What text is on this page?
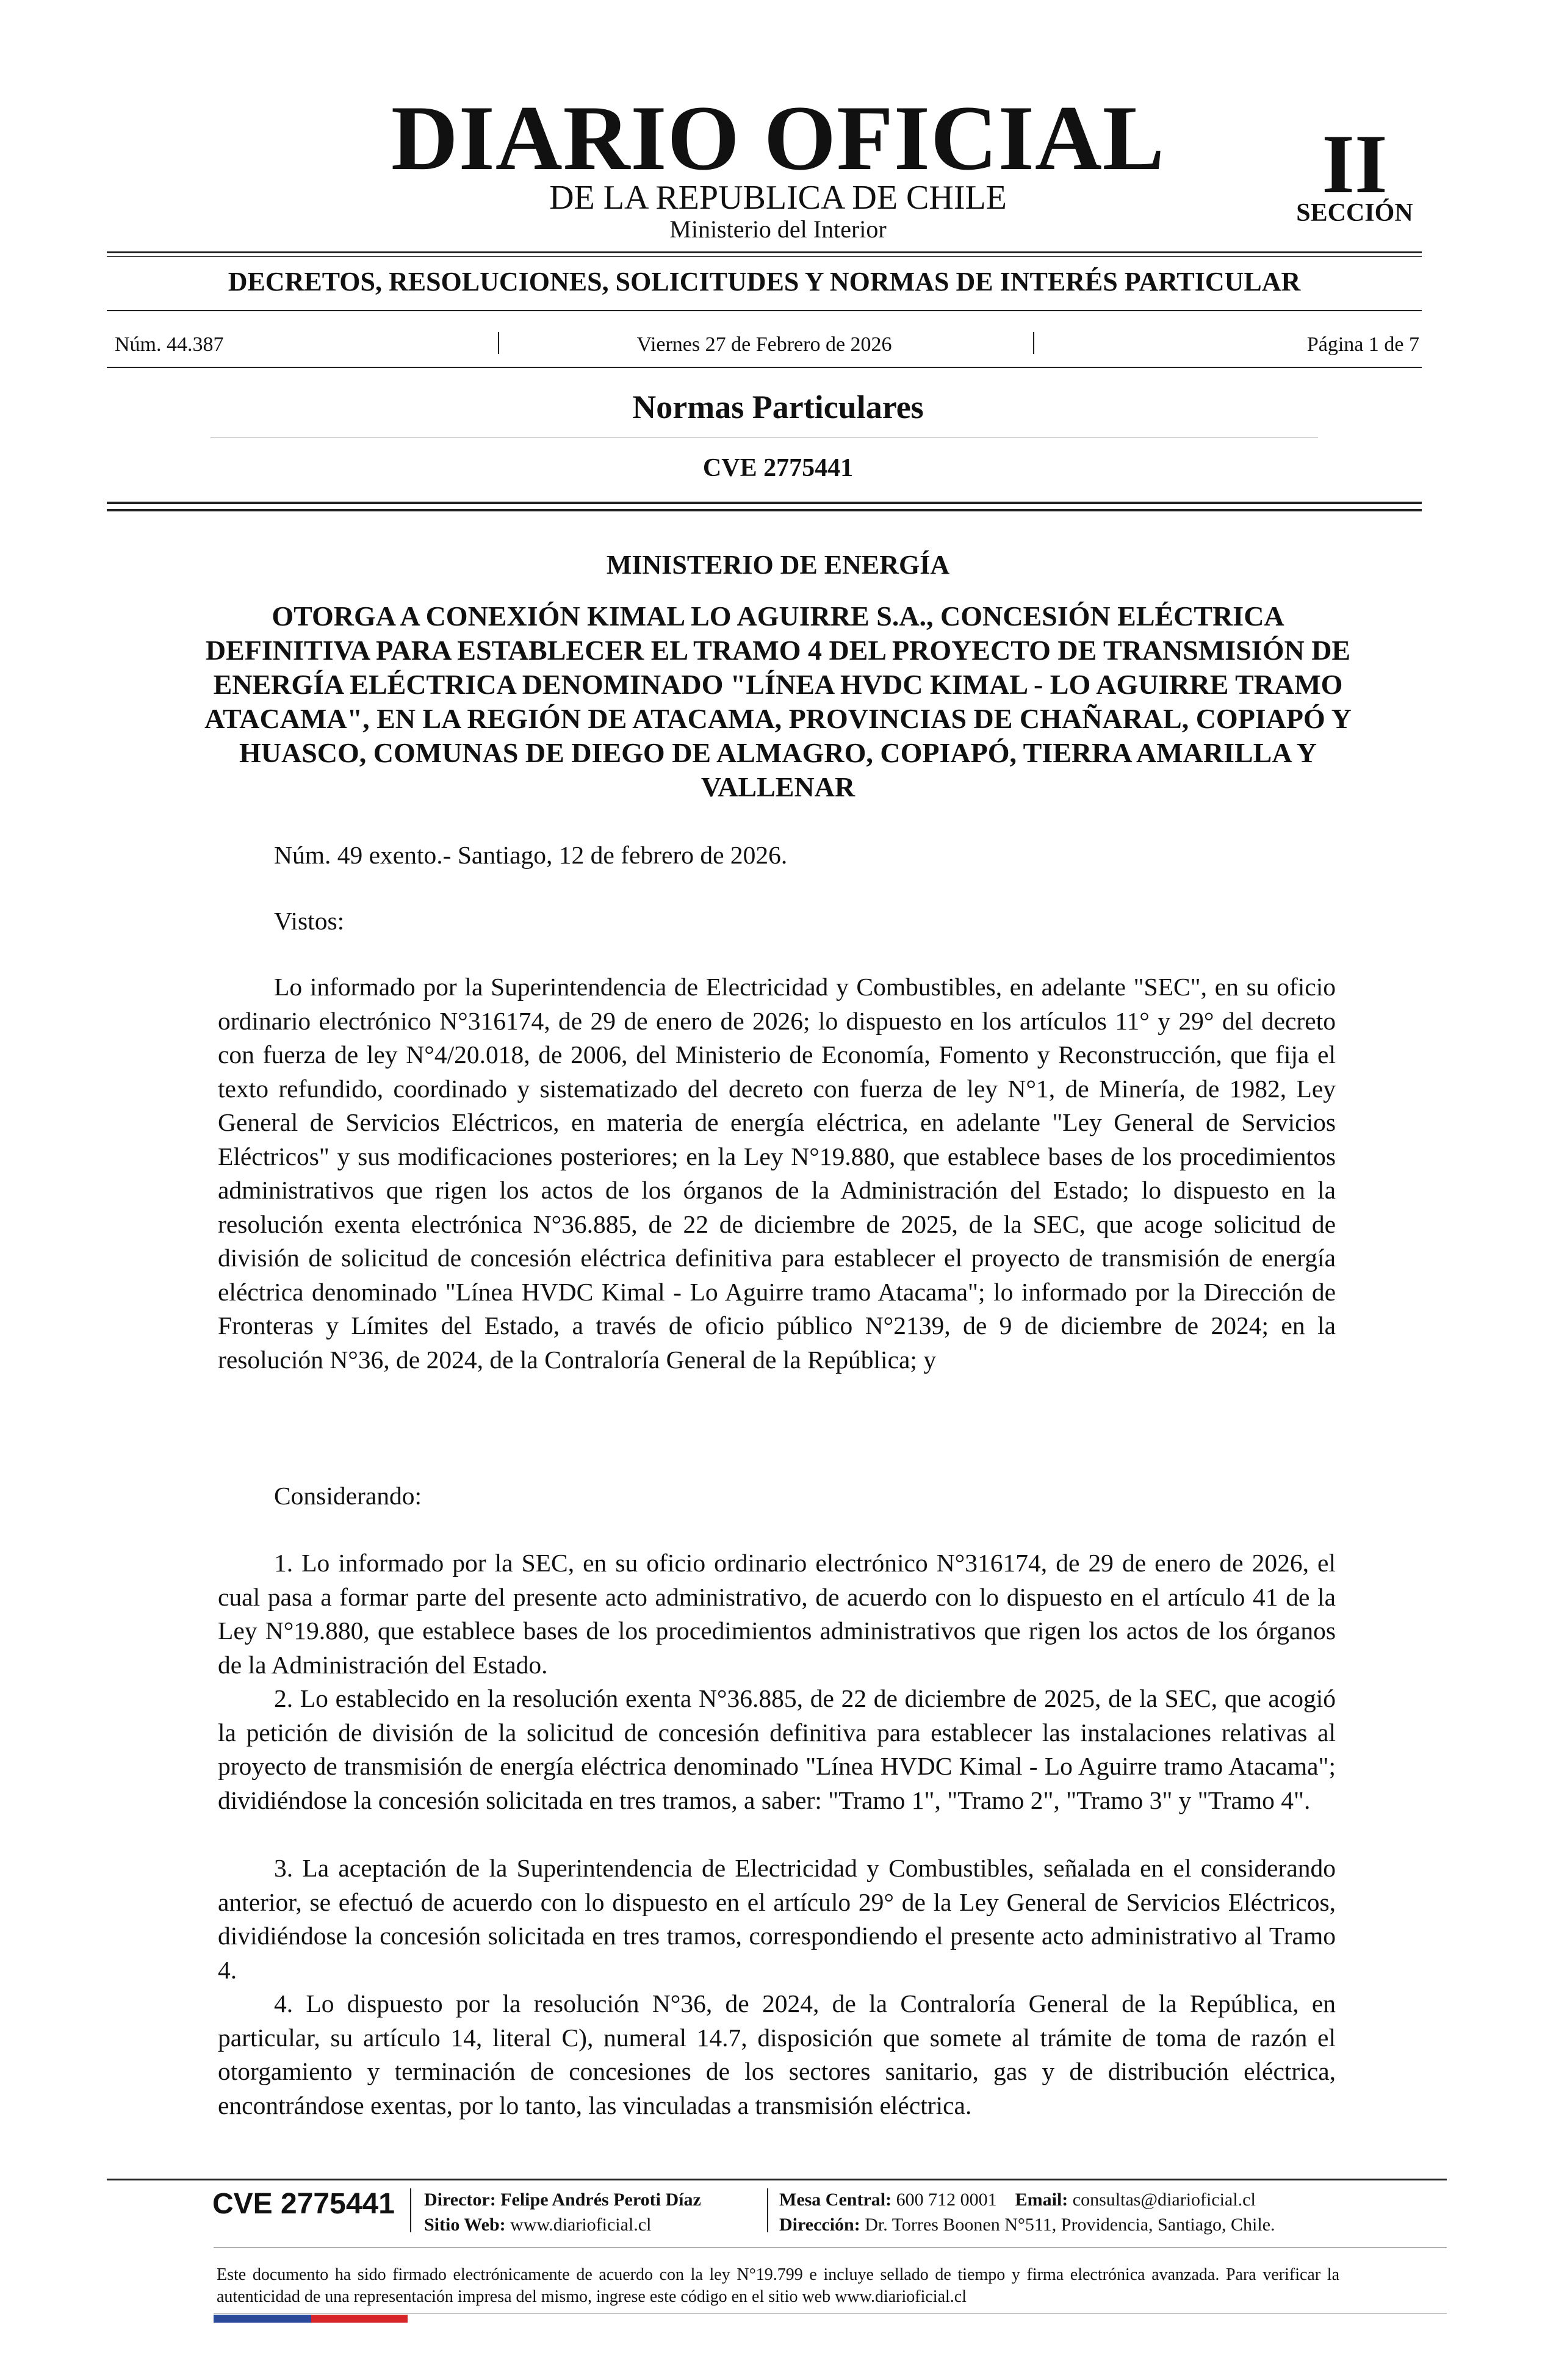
DIARIO OFICIAL
DE LA REPUBLICA DE CHILE
Ministerio del Interior
II
SECCIÓN
DECRETOS, RESOLUCIONES, SOLICITUDES Y NORMAS DE INTERÉS PARTICULAR
Núm. 44.387	Viernes 27 de Febrero de 2026	Página 1 de 7
Normas Particulares
CVE 2775441
MINISTERIO DE ENERGÍA
OTORGA A CONEXIÓN KIMAL LO AGUIRRE S.A., CONCESIÓN ELÉCTRICA DEFINITIVA PARA ESTABLECER EL TRAMO 4 DEL PROYECTO DE TRANSMISIÓN DE ENERGÍA ELÉCTRICA DENOMINADO "LÍNEA HVDC KIMAL - LO AGUIRRE TRAMO ATACAMA", EN LA REGIÓN DE ATACAMA, PROVINCIAS DE CHAÑARAL, COPIAPÓ Y HUASCO, COMUNAS DE DIEGO DE ALMAGRO, COPIAPÓ, TIERRA AMARILLA Y VALLENAR
Núm. 49 exento.- Santiago, 12 de febrero de 2026.
Vistos:
Lo informado por la Superintendencia de Electricidad y Combustibles, en adelante "SEC", en su oficio ordinario electrónico N°316174, de 29 de enero de 2026; lo dispuesto en los artículos 11° y 29° del decreto con fuerza de ley N°4/20.018, de 2006, del Ministerio de Economía, Fomento y Reconstrucción, que fija el texto refundido, coordinado y sistematizado del decreto con fuerza de ley N°1, de Minería, de 1982, Ley General de Servicios Eléctricos, en materia de energía eléctrica, en adelante "Ley General de Servicios Eléctricos" y sus modificaciones posteriores; en la Ley N°19.880, que establece bases de los procedimientos administrativos que rigen los actos de los órganos de la Administración del Estado; lo dispuesto en la resolución exenta electrónica N°36.885, de 22 de diciembre de 2025, de la SEC, que acoge solicitud de división de solicitud de concesión eléctrica definitiva para establecer el proyecto de transmisión de energía eléctrica denominado "Línea HVDC Kimal - Lo Aguirre tramo Atacama"; lo informado por la Dirección de Fronteras y Límites del Estado, a través de oficio público N°2139, de 9 de diciembre de 2024; en la resolución N°36, de 2024, de la Contraloría General de la República; y
Considerando:
1. Lo informado por la SEC, en su oficio ordinario electrónico N°316174, de 29 de enero de 2026, el cual pasa a formar parte del presente acto administrativo, de acuerdo con lo dispuesto en el artículo 41 de la Ley N°19.880, que establece bases de los procedimientos administrativos que rigen los actos de los órganos de la Administración del Estado.
2. Lo establecido en la resolución exenta N°36.885, de 22 de diciembre de 2025, de la SEC, que acogió la petición de división de la solicitud de concesión definitiva para establecer las instalaciones relativas al proyecto de transmisión de energía eléctrica denominado "Línea HVDC Kimal - Lo Aguirre tramo Atacama"; dividiéndose la concesión solicitada en tres tramos, a saber: "Tramo 1", "Tramo 2", "Tramo 3" y "Tramo 4".
3. La aceptación de la Superintendencia de Electricidad y Combustibles, señalada en el considerando anterior, se efectuó de acuerdo con lo dispuesto en el artículo 29° de la Ley General de Servicios Eléctricos, dividiéndose la concesión solicitada en tres tramos, correspondiendo el presente acto administrativo al Tramo 4.
4. Lo dispuesto por la resolución N°36, de 2024, de la Contraloría General de la República, en particular, su artículo 14, literal C), numeral 14.7, disposición que somete al trámite de toma de razón el otorgamiento y terminación de concesiones de los sectores sanitario, gas y de distribución eléctrica, encontrándose exentas, por lo tanto, las vinculadas a transmisión eléctrica.
CVE 2775441 Director: Felipe Andrés Peroti Díaz
Sitio Web: www.diarioficial.cl
Mesa Central: 600 712 0001 Email: consultas@diarioficial.cl
Dirección: Dr. Torres Boonen N°511, Providencia, Santiago, Chile.
Este documento ha sido firmado electrónicamente de acuerdo con la ley N°19.799 e incluye sellado de tiempo y firma electrónica avanzada. Para verificar la autenticidad de una representación impresa del mismo, ingrese este código en el sitio web www.diarioficial.cl
